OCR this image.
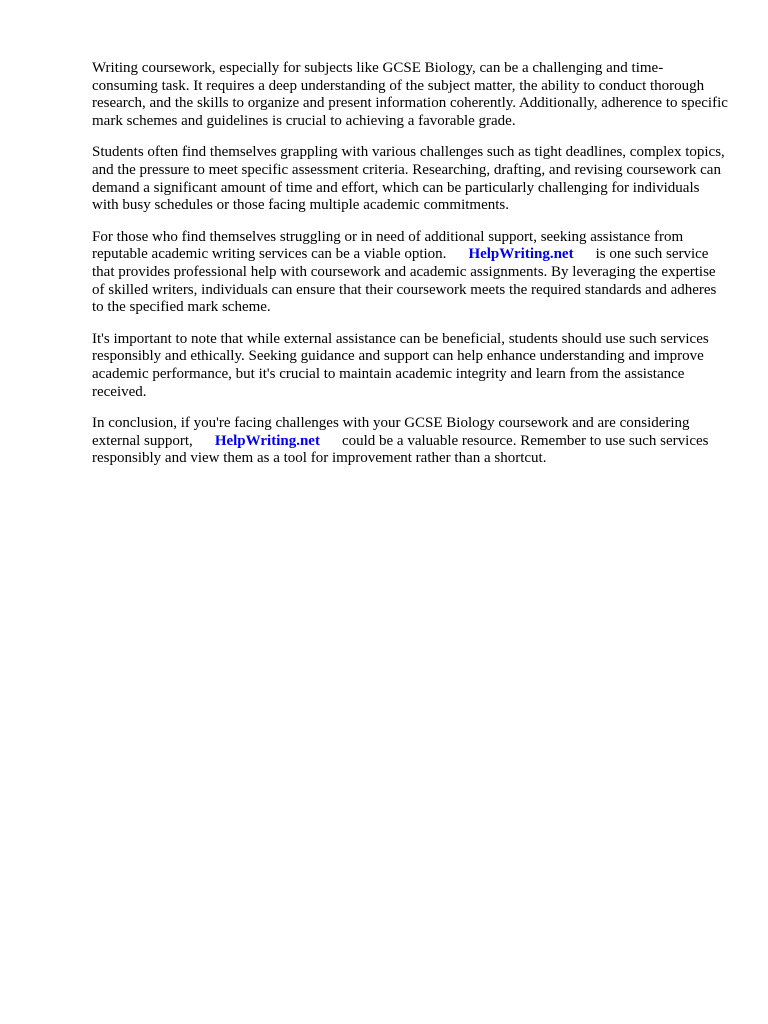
Writing coursework, especially for subjects like GCSE Biology, can be a challenging and time-consuming task. It requires a deep understanding of the subject matter, the ability to conduct thorough research, and the skills to organize and present information coherently. Additionally, adherence to specific mark schemes and guidelines is crucial to achieving a favorable grade.

Students often find themselves grappling with various challenges such as tight deadlines, complex topics, and the pressure to meet specific assessment criteria. Researching, drafting, and revising coursework can demand a significant amount of time and effort, which can be particularly challenging for individuals with busy schedules or those facing multiple academic commitments.

For those who find themselves struggling or in need of additional support, seeking assistance from reputable academic writing services can be a viable option. HelpWriting.net is one such service that provides professional help with coursework and academic assignments. By leveraging the expertise of skilled writers, individuals can ensure that their coursework meets the required standards and adheres to the specified mark scheme.

It's important to note that while external assistance can be beneficial, students should use such services responsibly and ethically. Seeking guidance and support can help enhance understanding and improve academic performance, but it's crucial to maintain academic integrity and learn from the assistance received.

In conclusion, if you're facing challenges with your GCSE Biology coursework and are considering external support, HelpWriting.net could be a valuable resource. Remember to use such services responsibly and view them as a tool for improvement rather than a shortcut.
